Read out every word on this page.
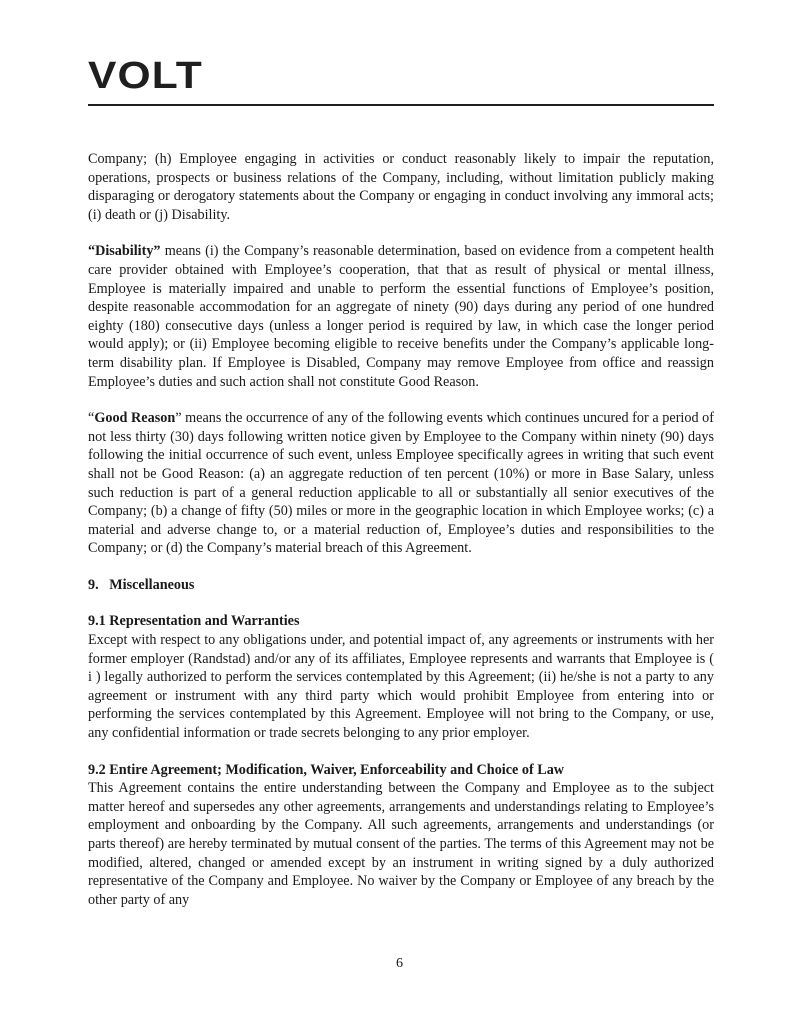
VOLT

Company; (h) Employee engaging in activities or conduct reasonably likely to impair the reputation, operations, prospects or business relations of the Company, including, without limitation publicly making disparaging or derogatory statements about the Company or engaging in conduct involving any immoral acts; (i) death or (j) Disability.

“Disability” means (i) the Company’s reasonable determination, based on evidence from a competent health care provider obtained with Employee’s cooperation, that that as result of physical or mental illness, Employee is materially impaired and unable to perform the essential functions of Employee’s position, despite reasonable accommodation for an aggregate of ninety (90) days during any period of one hundred eighty (180) consecutive days (unless a longer period is required by law, in which case the longer period would apply); or (ii) Employee becoming eligible to receive benefits under the Company’s applicable long-term disability plan. If Employee is Disabled, Company may remove Employee from office and reassign Employee’s duties and such action shall not constitute Good Reason.

“Good Reason” means the occurrence of any of the following events which continues uncured for a period of not less thirty (30) days following written notice given by Employee to the Company within ninety (90) days following the initial occurrence of such event, unless Employee specifically agrees in writing that such event shall not be Good Reason: (a) an aggregate reduction of ten percent (10%) or more in Base Salary, unless such reduction is part of a general reduction applicable to all or substantially all senior executives of the Company; (b) a change of fifty (50) miles or more in the geographic location in which Employee works; (c) a material and adverse change to, or a material reduction of, Employee’s duties and responsibilities to the Company; or (d) the Company’s material breach of this Agreement.

9.   Miscellaneous
9.1 Representation and Warranties

Except with respect to any obligations under, and potential impact of, any agreements or instruments with her former employer (Randstad) and/or any of its affiliates, Employee represents and warrants that Employee is ( i ) legally authorized to perform the services contemplated by this Agreement; (ii) he/she is not a party to any agreement or instrument with any third party which would prohibit Employee from entering into or performing the services contemplated by this Agreement. Employee will not bring to the Company, or use, any confidential information or trade secrets belonging to any prior employer.

9.2 Entire Agreement; Modification, Waiver, Enforceability and Choice of Law

This Agreement contains the entire understanding between the Company and Employee as to the subject matter hereof and supersedes any other agreements, arrangements and understandings relating to Employee’s employment and onboarding by the Company. All such agreements, arrangements and understandings (or parts thereof) are hereby terminated by mutual consent of the parties. The terms of this Agreement may not be modified, altered, changed or amended except by an instrument in writing signed by a duly authorized representative of the Company and Employee. No waiver by the Company or Employee of any breach by the other party of any

6
